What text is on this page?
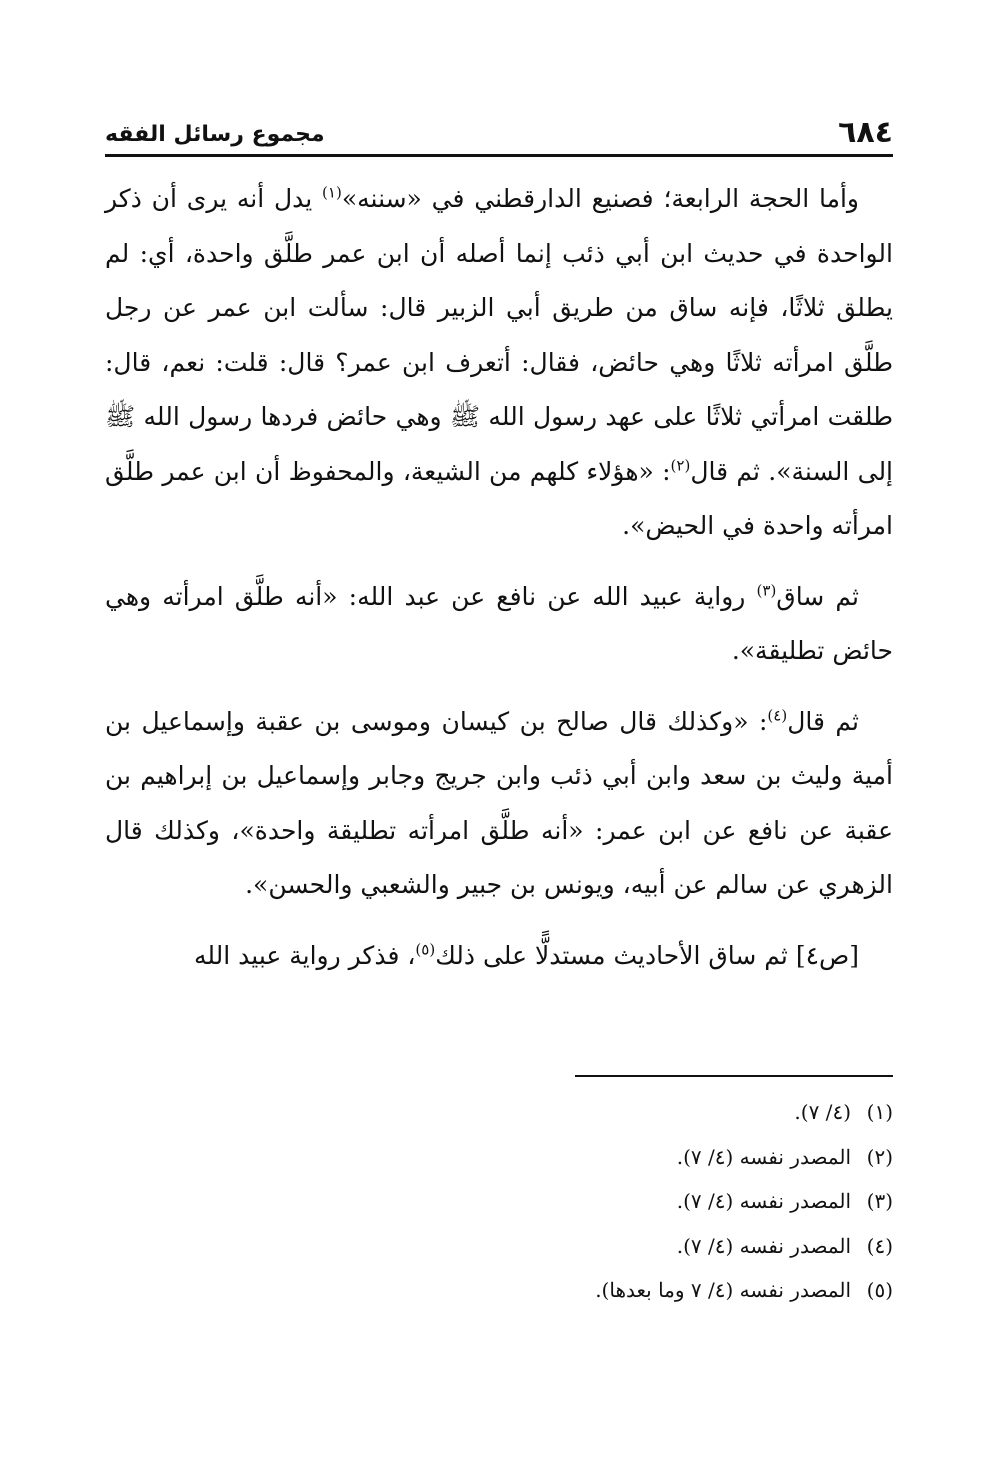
٦٨٤
مجموع رسائل الفقه

وأما الحجة الرابعة؛ فصنيع الدارقطني في «سننه»$^{(١)}$ يدل أنه يرى أن ذكر الواحدة في حديث ابن أبي ذئب إنما أصله أن ابن عمر طلَّق واحدة، أي: لم يطلق ثلاثًا، فإنه ساق من طريق أبي الزبير قال: سألت ابن عمر عن رجل طلَّق امرأته ثلاثًا وهي حائض، فقال: أتعرف ابن عمر؟ قال: قلت: نعم، قال: طلقت امرأتي ثلاثًا على عهد رسول الله ﷺ وهي حائض فردها رسول الله ﷺ إلى السنة». ثم قال$^{(٢)}$: «هؤلاء كلهم من الشيعة، والمحفوظ أن ابن عمر طلَّق امرأته واحدة في الحيض».

ثم ساق$^{(٣)}$ رواية عبيد الله عن نافع عن عبد الله: «أنه طلَّق امرأته وهي حائض تطليقة».

ثم قال$^{(٤)}$: «وكذلك قال صالح بن كيسان وموسى بن عقبة وإسماعيل بن أمية وليث بن سعد وابن أبي ذئب وابن جريج وجابر وإسماعيل بن إبراهيم بن عقبة عن نافع عن ابن عمر: «أنه طلَّق امرأته تطليقة واحدة»، وكذلك قال الزهري عن سالم عن أبيه، ويونس بن جبير والشعبي والحسن».

[ص٤] ثم ساق الأحاديث مستدلًّا على ذلك$^{(٥)}$، فذكر رواية عبيد الله

(١)
(٤/ ٧).
(٢)
المصدر نفسه (٤/ ٧).
(٣)
المصدر نفسه (٤/ ٧).
(٤)
المصدر نفسه (٤/ ٧).
(٥)
المصدر نفسه (٤/ ٧ وما بعدها).
